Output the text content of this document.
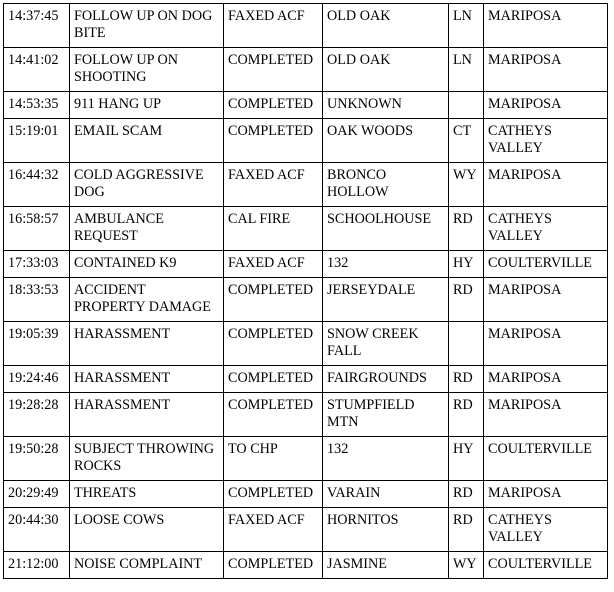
14:37:45	FOLLOW UP ON DOG BITE	FAXED ACF	OLD OAK	LN	MARIPOSA
14:41:02	FOLLOW UP ON SHOOTING	COMPLETED	OLD OAK	LN	MARIPOSA
14:53:35	911 HANG UP	COMPLETED	UNKNOWN		MARIPOSA
15:19:01	EMAIL SCAM	COMPLETED	OAK WOODS	CT	CATHEYS VALLEY
16:44:32	COLD AGGRESSIVE DOG	FAXED ACF	BRONCO HOLLOW	WY	MARIPOSA
16:58:57	AMBULANCE REQUEST	CAL FIRE	SCHOOLHOUSE	RD	CATHEYS VALLEY
17:33:03	CONTAINED K9	FAXED ACF	132	HY	COULTERVILLE
18:33:53	ACCIDENT PROPERTY DAMAGE	COMPLETED	JERSEYDALE	RD	MARIPOSA
19:05:39	HARASSMENT	COMPLETED	SNOW CREEK FALL		MARIPOSA
19:24:46	HARASSMENT	COMPLETED	FAIRGROUNDS	RD	MARIPOSA
19:28:28	HARASSMENT	COMPLETED	STUMPFIELD MTN	RD	MARIPOSA
19:50:28	SUBJECT THROWING ROCKS	TO CHP	132	HY	COULTERVILLE
20:29:49	THREATS	COMPLETED	VARAIN	RD	MARIPOSA
20:44:30	LOOSE COWS	FAXED ACF	HORNITOS	RD	CATHEYS VALLEY
21:12:00	NOISE COMPLAINT	COMPLETED	JASMINE	WY	COULTERVILLE
